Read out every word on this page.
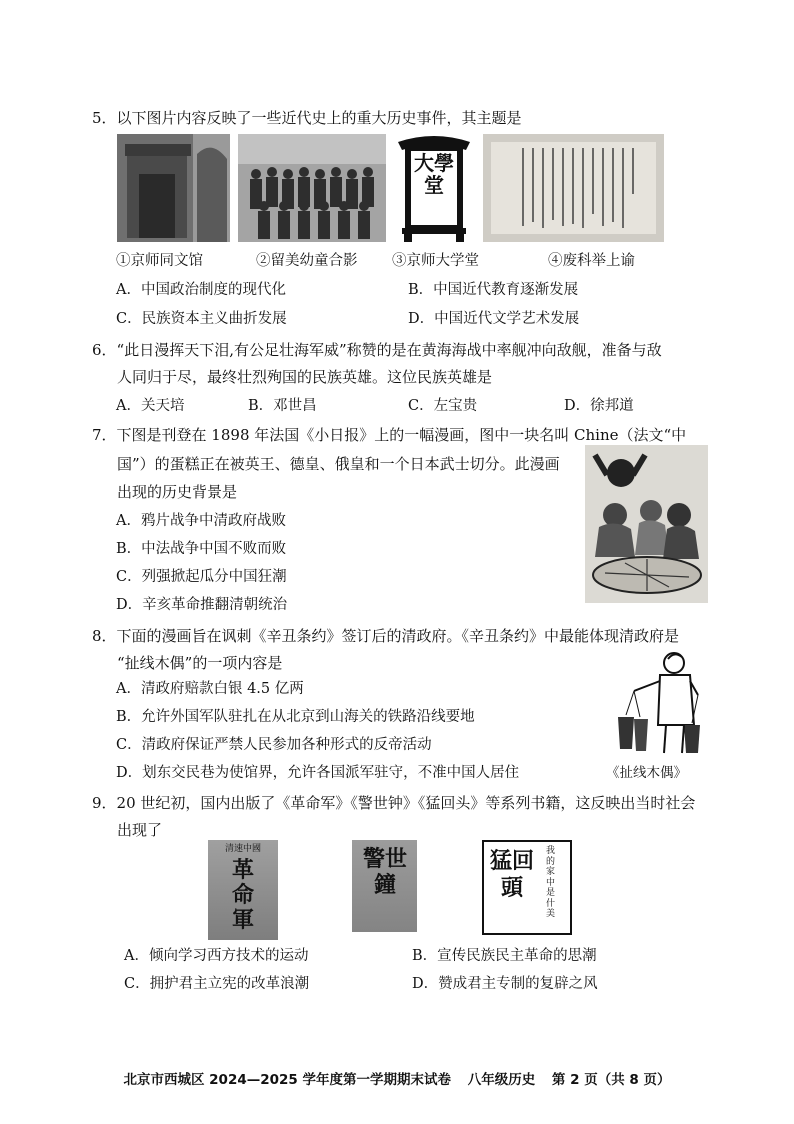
5．以下图片内容反映了一些近代史上的重大历史事件，其主题是
大學堂
①京师同文馆	②留美幼童合影 ③京师大学堂	④废科举上谕
A．中国政治制度的现代化	B．中国近代教育逐渐发展
C．民族资本主义曲折发展	D．中国近代文学艺术发展
6．“此日漫挥天下泪,有公足壮海军威”称赞的是在黄海海战中率舰冲向敌舰，准备与敌
人同归于尽，最终壮烈殉国的民族英雄。这位民族英雄是
A．关天培	B．邓世昌	C．左宝贵	D．徐邦道
7．下图是刊登在 1898 年法国《小日报》上的一幅漫画，图中一块名叫 Chine（法文“中
国”）的蛋糕正在被英王、德皇、俄皇和一个日本武士切分。此漫画
出现的历史背景是
A．鸦片战争中清政府战败
B．中法战争中国不败而败
C．列强掀起瓜分中国狂潮
D．辛亥革命推翻清朝统治
8．下面的漫画旨在讽刺《辛丑条约》签订后的清政府。《辛丑条约》中最能体现清政府是
“扯线木偶”的一项内容是
《扯线木偶》
A．清政府赔款白银 4.5 亿两
B．允许外国军队驻扎在从北京到山海关的铁路沿线要地
C．清政府保证严禁人民参加各种形式的反帝活动
D．划东交民巷为使馆界，允许各国派军驻守，不准中国人居住
9．20 世纪初，国内出版了《革命军》《警世钟》《猛回头》等系列书籍，这反映出当时社会
出现了
清速中國
革命軍
警世鐘
猛回頭
我的家中是什美
A．倾向学习西方技术的运动	B．宣传民族民主革命的思潮
C．拥护君主立宪的改革浪潮	D．赞成君主专制的复辟之风
北京市西城区 2024—2025 学年度第一学期期末试卷 八年级历史 第 2 页（共 8 页）
